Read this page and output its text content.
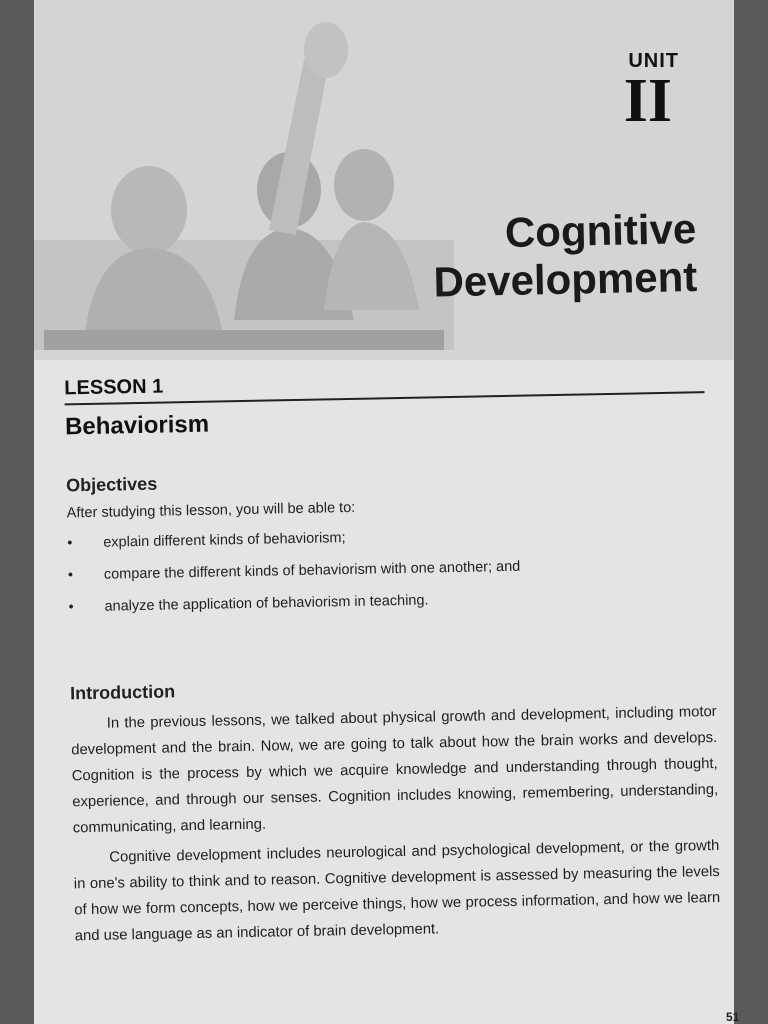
UNIT
II
Cognitive
Development
LESSON 1
Behaviorism
Objectives
After studying this lesson, you will be able to:
• explain different kinds of behaviorism;
• compare the different kinds of behaviorism with one another; and
• analyze the application of behaviorism in teaching.
Introduction

In the previous lessons, we talked about physical growth and development, including motor development and the brain. Now, we are going to talk about how the brain works and develops. Cognition is the process by which we acquire knowledge and understanding through thought, experience, and through our senses. Cognition includes knowing, remembering, understanding, communicating, and learning.

Cognitive development includes neurological and psychological development, or the growth in one's ability to think and to reason. Cognitive development is assessed by measuring the levels of how we form concepts, how we perceive things, how we process information, and how we learn and use language as an indicator of brain development.

51
